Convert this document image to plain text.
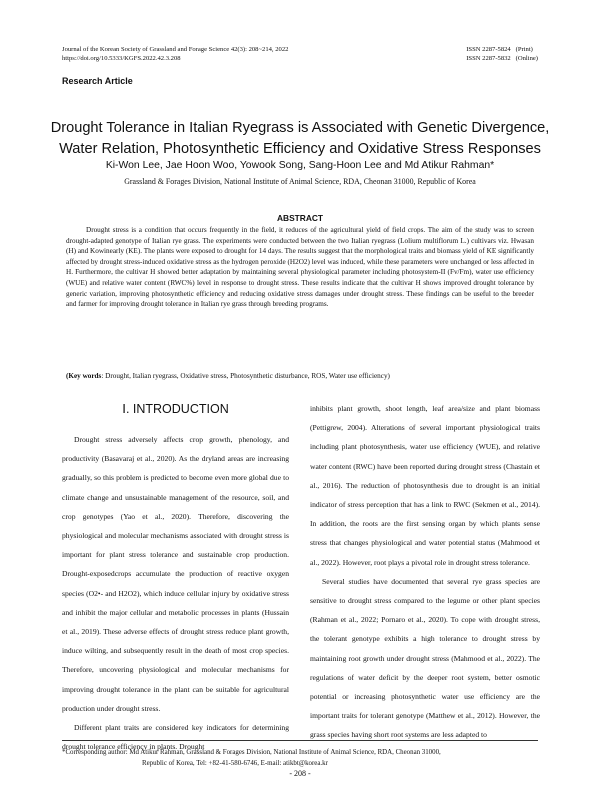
Journal of the Korean Society of Grassland and Forage Science 42(3): 208~214, 2022
https://doi.org/10.5333/KGFS.2022.42.3.208
ISSN 2287-5824   (Print)
ISSN 2287-5832   (Online)
Research Article
Drought Tolerance in Italian Ryegrass is Associated with Genetic Divergence,
Water Relation, Photosynthetic Efficiency and Oxidative Stress Responses
Ki-Won Lee, Jae Hoon Woo, Yowook Song, Sang-Hoon Lee and Md Atikur Rahman*
Grassland & Forages Division, National Institute of Animal Science, RDA, Cheonan 31000, Republic of Korea
ABSTRACT
Drought stress is a condition that occurs frequently in the field, it reduces of the agricultural yield of field crops. The aim of the study was to screen drought-adapted genotype of Italian rye grass. The experiments were conducted between the two Italian ryegrass (Lolium multiflorum L.) cultivars viz. Hwasan (H) and Kowinearly (KE). The plants were exposed to drought for 14 days. The results suggest that the morphological traits and biomass yield of KE significantly affected by drought stress-induced oxidative stress as the hydrogen peroxide (H2O2) level was induced, while these parameters were unchanged or less affected in H. Furthermore, the cultivar H showed better adaptation by maintaining several physiological parameter including photosystem-II (Fv/Fm), water use efficiency (WUE) and relative water content (RWC%) level in response to drought stress. These results indicate that the cultivar H shows improved drought tolerance by generic variation, improving photosynthetic efficiency and reducing oxidative stress damages under drought stress. These findings can be useful to the breeder and farmer for improving drought tolerance in Italian rye grass through breeding programs.
(Key words: Drought, Italian ryegrass, Oxidative stress, Photosynthetic disturbance, ROS, Water use efficiency)
Ⅰ. INTRODUCTION

Drought stress adversely affects crop growth, phenology, and productivity (Basavaraj et al., 2020). As the dryland areas are increasing gradually, so this problem is predicted to become even more global due to climate change and unsustainable management of the resource, soil, and crop genotypes (Yao et al., 2020). Therefore, discovering the physiological and molecular mechanisms associated with drought stress is important for plant stress tolerance and sustainable crop production. Drought-exposedcrops accumulate the production of reactive oxygen species (O2•- and H2O2), which induce cellular injury by oxidative stress and inhibit the major cellular and metabolic processes in plants (Hussain et al., 2019). These adverse effects of drought stress reduce plant growth, induce wilting, and subsequently result in the death of most crop species. Therefore, uncovering physiological and molecular mechanisms for improving drought tolerance in the plant can be suitable for agricultural production under drought stress.

Different plant traits are considered key indicators for determining drought tolerance efficiency in plants. Drought

inhibits plant growth, shoot length, leaf area/size and plant biomass (Pettigrew, 2004). Alterations of several important physiological traits including plant photosynthesis, water use efficiency (WUE), and relative water content (RWC) have been reported during drought stress (Chastain et al., 2016). The reduction of photosynthesis due to drought is an initial indicator of stress perception that has a link to RWC (Sekmen et al., 2014). In addition, the roots are the first sensing organ by which plants sense stress that changes physiological and water potential status (Mahmood et al., 2022). However, root plays a pivotal role in drought stress tolerance.

Several studies have documented that several rye grass species are sensitive to drought stress compared to the legume or other plant species (Rahman et al., 2022; Pornaro et al., 2020). To cope with drought stress, the tolerant genotype exhibits a high tolerance to drought stress by maintaining root growth under drought stress (Mahmood et al., 2022). The regulations of water deficit by the deeper root system, better osmotic potential or increasing photosynthetic water use efficiency are the important traits for tolerant genotype (Matthew et al., 2012). However, the grass species having short root systems are less adapted to

*Corresponding author: Md Atikur Rahman, Grassland & Forages Division, National Institute of Animal Science, RDA, Cheonan 31000,
Republic of Korea, Tel: +82-41-580-6746, E-mail: atikbt@korea.kr
- 208 -
